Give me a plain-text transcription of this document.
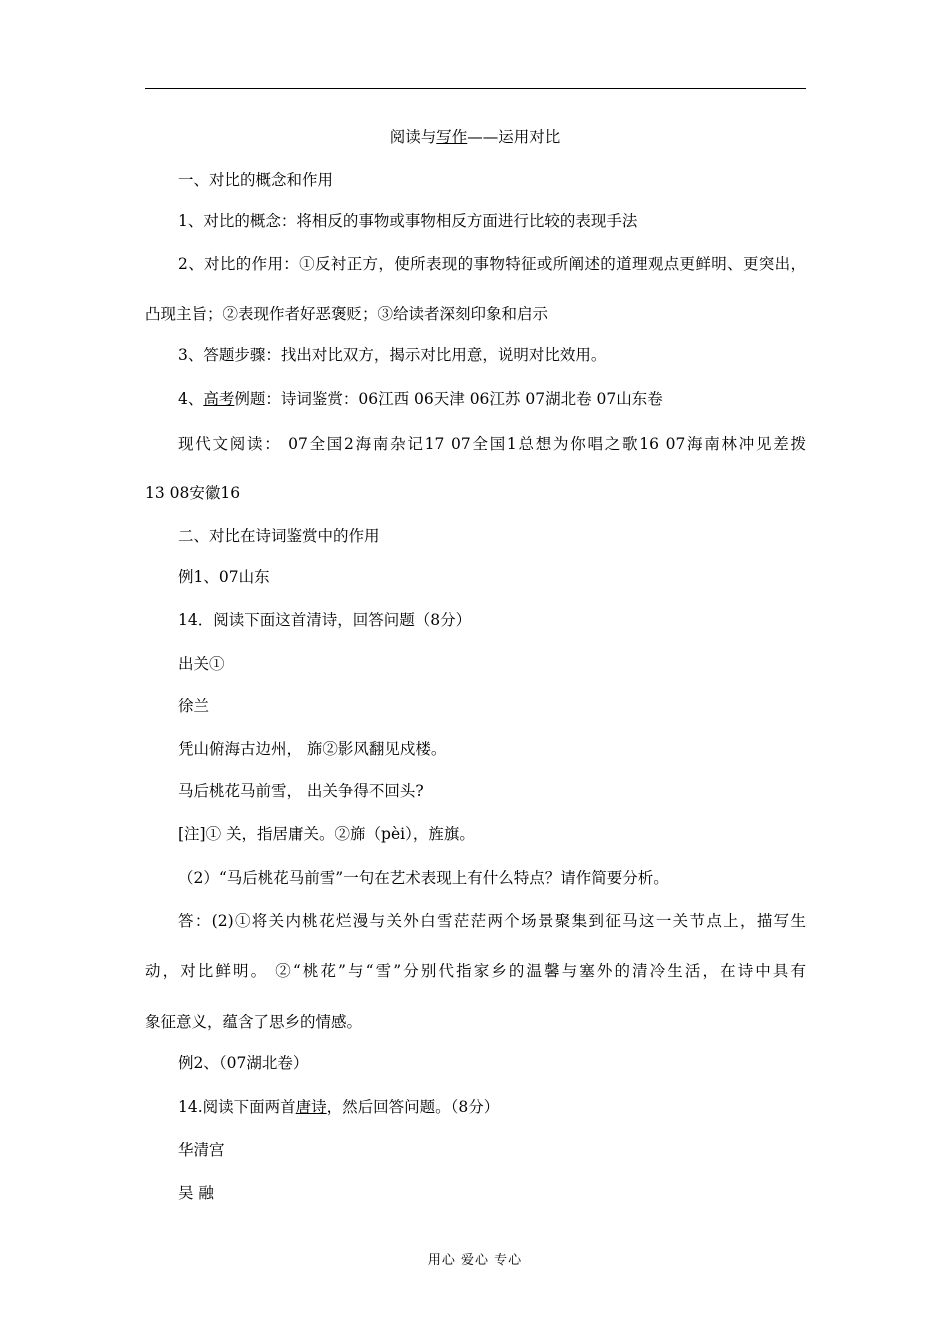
阅读与写作——运用对比
一、对比的概念和作用
1、对比的概念：将相反的事物或事物相反方面进行比较的表现手法
2、对比的作用：①反衬正方，使所表现的事物特征或所阐述的道理观点更鲜明、更突出，
凸现主旨；②表现作者好恶褒贬；③给读者深刻印象和启示
3、答题步骤：找出对比双方，揭示对比用意，说明对比效用。
4、高考例题：诗词鉴赏：06江西 06天津 06江苏 07湖北卷 07山东卷
现代文阅读： 07全国2海南杂记17 07全国1总想为你唱之歌16 07海南林冲见差拨
13 08安徽16
二、对比在诗词鉴赏中的作用
例1、07山东
14．阅读下面这首清诗，回答问题（8分）
出关①
徐兰
凭山俯海古边州， 旆②影风翻见戍楼。
马后桃花马前雪， 出关争得不回头?
[注]① 关，指居庸关。②旆（pèi），旌旗。
（2）“马后桃花马前雪”一句在艺术表现上有什么特点？请作简要分析。
答：(2)①将关内桃花烂漫与关外白雪茫茫两个场景聚集到征马这一关节点上，描写生
动，对比鲜明。 ②“桃花”与“雪”分别代指家乡的温馨与塞外的清冷生活，在诗中具有
象征意义，蕴含了思乡的情感。
例2、（07湖北卷）
14.阅读下面两首唐诗，然后回答问题。（8分）
华清宫
吴 融
用心 爱心 专心
